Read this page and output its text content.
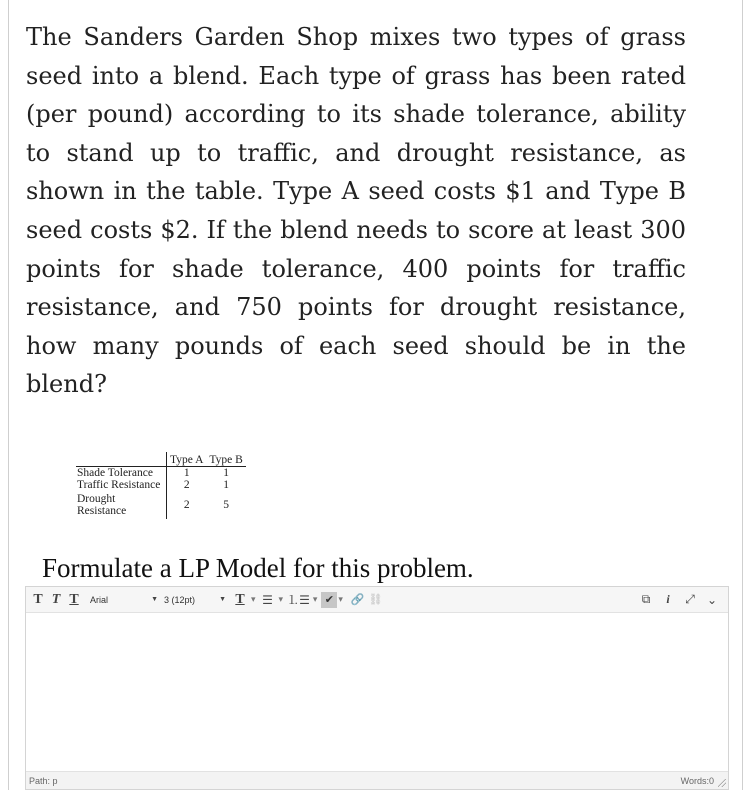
The Sanders Garden Shop mixes two types of grass seed into a blend. Each type of grass has been rated (per pound) according to its shade tolerance, ability to stand up to traffic, and drought resistance, as shown in the table. Type A seed costs $1 and Type B seed costs $2. If the blend needs to score at least 300 points for shade tolerance, 400 points for traffic resistance, and 750 points for drought resistance, how many pounds of each seed should be in the blend?

	Type A	Type B
Shade Tolerance	1	1
Traffic Resistance	2	1
Drought Resistance	2	5

Formulate a LP Model for this problem.

T T T	Arial	▼ 3 (12pt)	▼ T ▾ ☰ ▾ ⒈☰ ▾ ✔ ▾ 🔗 ⛓	⧉	i	⤢ ⌄
Path: p	Words:0
